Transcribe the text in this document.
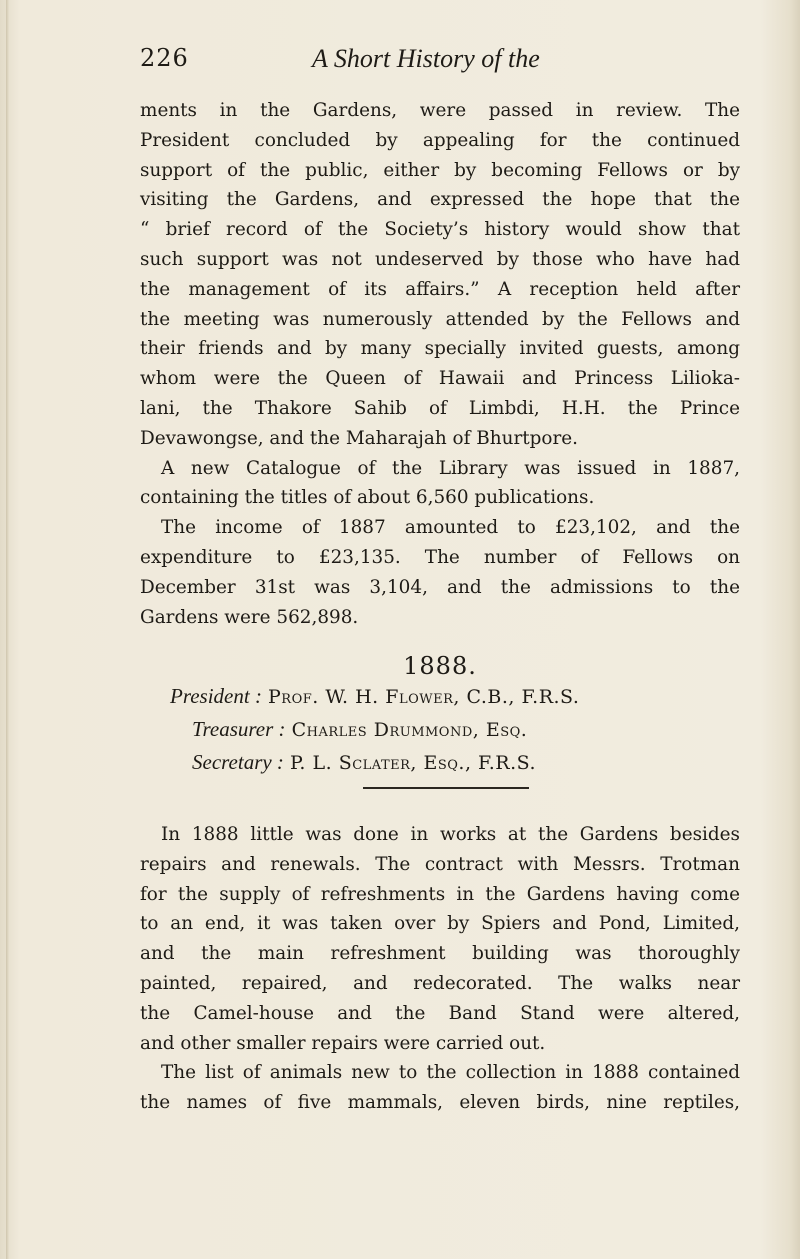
226	A Short History of the
ments in the Gardens, were passed in review. The
President concluded by appealing for the continued
support of the public, either by becoming Fellows or by
visiting the Gardens, and expressed the hope that the
“ brief record of the Society’s history would show that
such support was not undeserved by those who have had
the management of its affairs.” A reception held after
the meeting was numerously attended by the Fellows and
their friends and by many specially invited guests, among
whom were the Queen of Hawaii and Princess Lilioka-
lani, the Thakore Sahib of Limbdi, H.H. the Prince
Devawongse, and the Maharajah of Bhurtpore.
A new Catalogue of the Library was issued in 1887,
containing the titles of about 6,560 publications.
The income of 1887 amounted to £23,102, and the
expenditure to £23,135. The number of Fellows on
December 31st was 3,104, and the admissions to the
Gardens were 562,898.
1888.
President : Prof. W. H. Flower, C.B., F.R.S.
Treasurer : Charles Drummond, Esq.
Secretary : P. L. Sclater, Esq., F.R.S.
In 1888 little was done in works at the Gardens besides
repairs and renewals. The contract with Messrs. Trotman
for the supply of refreshments in the Gardens having come
to an end, it was taken over by Spiers and Pond, Limited,
and the main refreshment building was thoroughly
painted, repaired, and redecorated. The walks near
the Camel-house and the Band Stand were altered,
and other smaller repairs were carried out.
The list of animals new to the collection in 1888 contained
the names of five mammals, eleven birds, nine reptiles,
